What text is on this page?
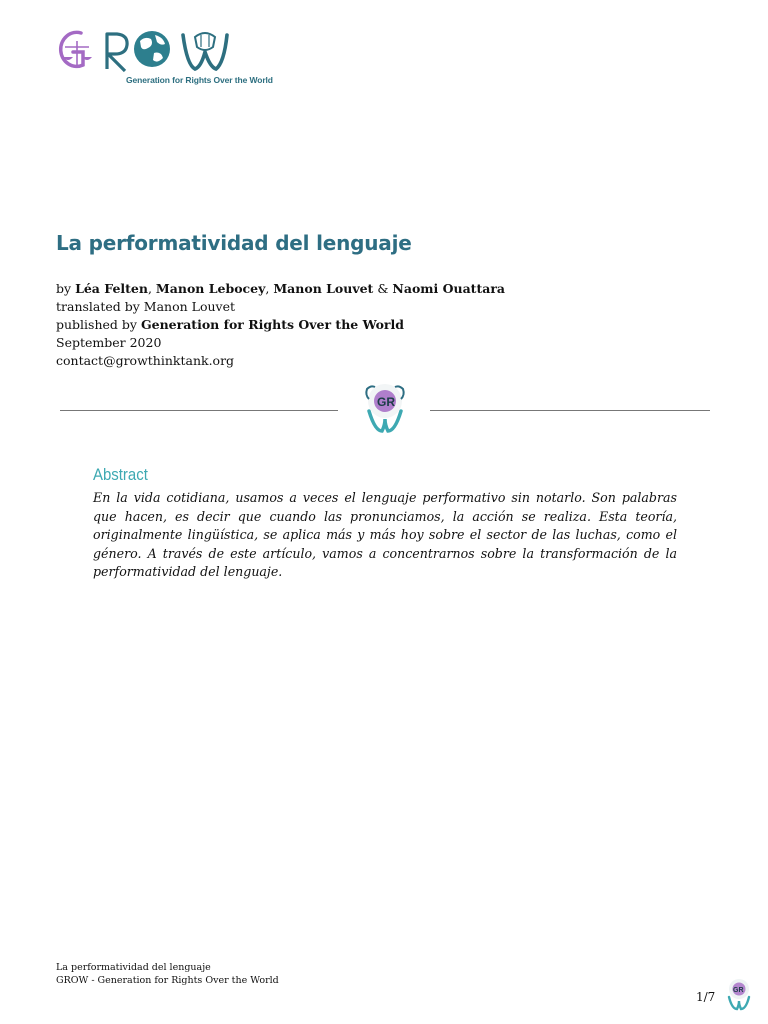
Generation for Rights Over the World
La performatividad del lenguaje
by Léa Felten, Manon Lebocey, Manon Louvet & Naomi Ouattara
translated by Manon Louvet
published by Generation for Rights Over the World
September 2020
contact@growthinktank.org
GR
Abstract

En la vida cotidiana, usamos a veces el lenguaje performativo sin notarlo. Son palabras que hacen, es decir que cuando las pronunciamos, la acción se realiza. Esta teoría, originalmente lingüística, se aplica más y más hoy sobre el sector de las luchas, como el género. A través de este artículo, vamos a concentrarnos sobre la transformación de la performatividad del lenguaje.

La performatividad del lenguaje
GROW - Generation for Rights Over the World
1/7	GR
